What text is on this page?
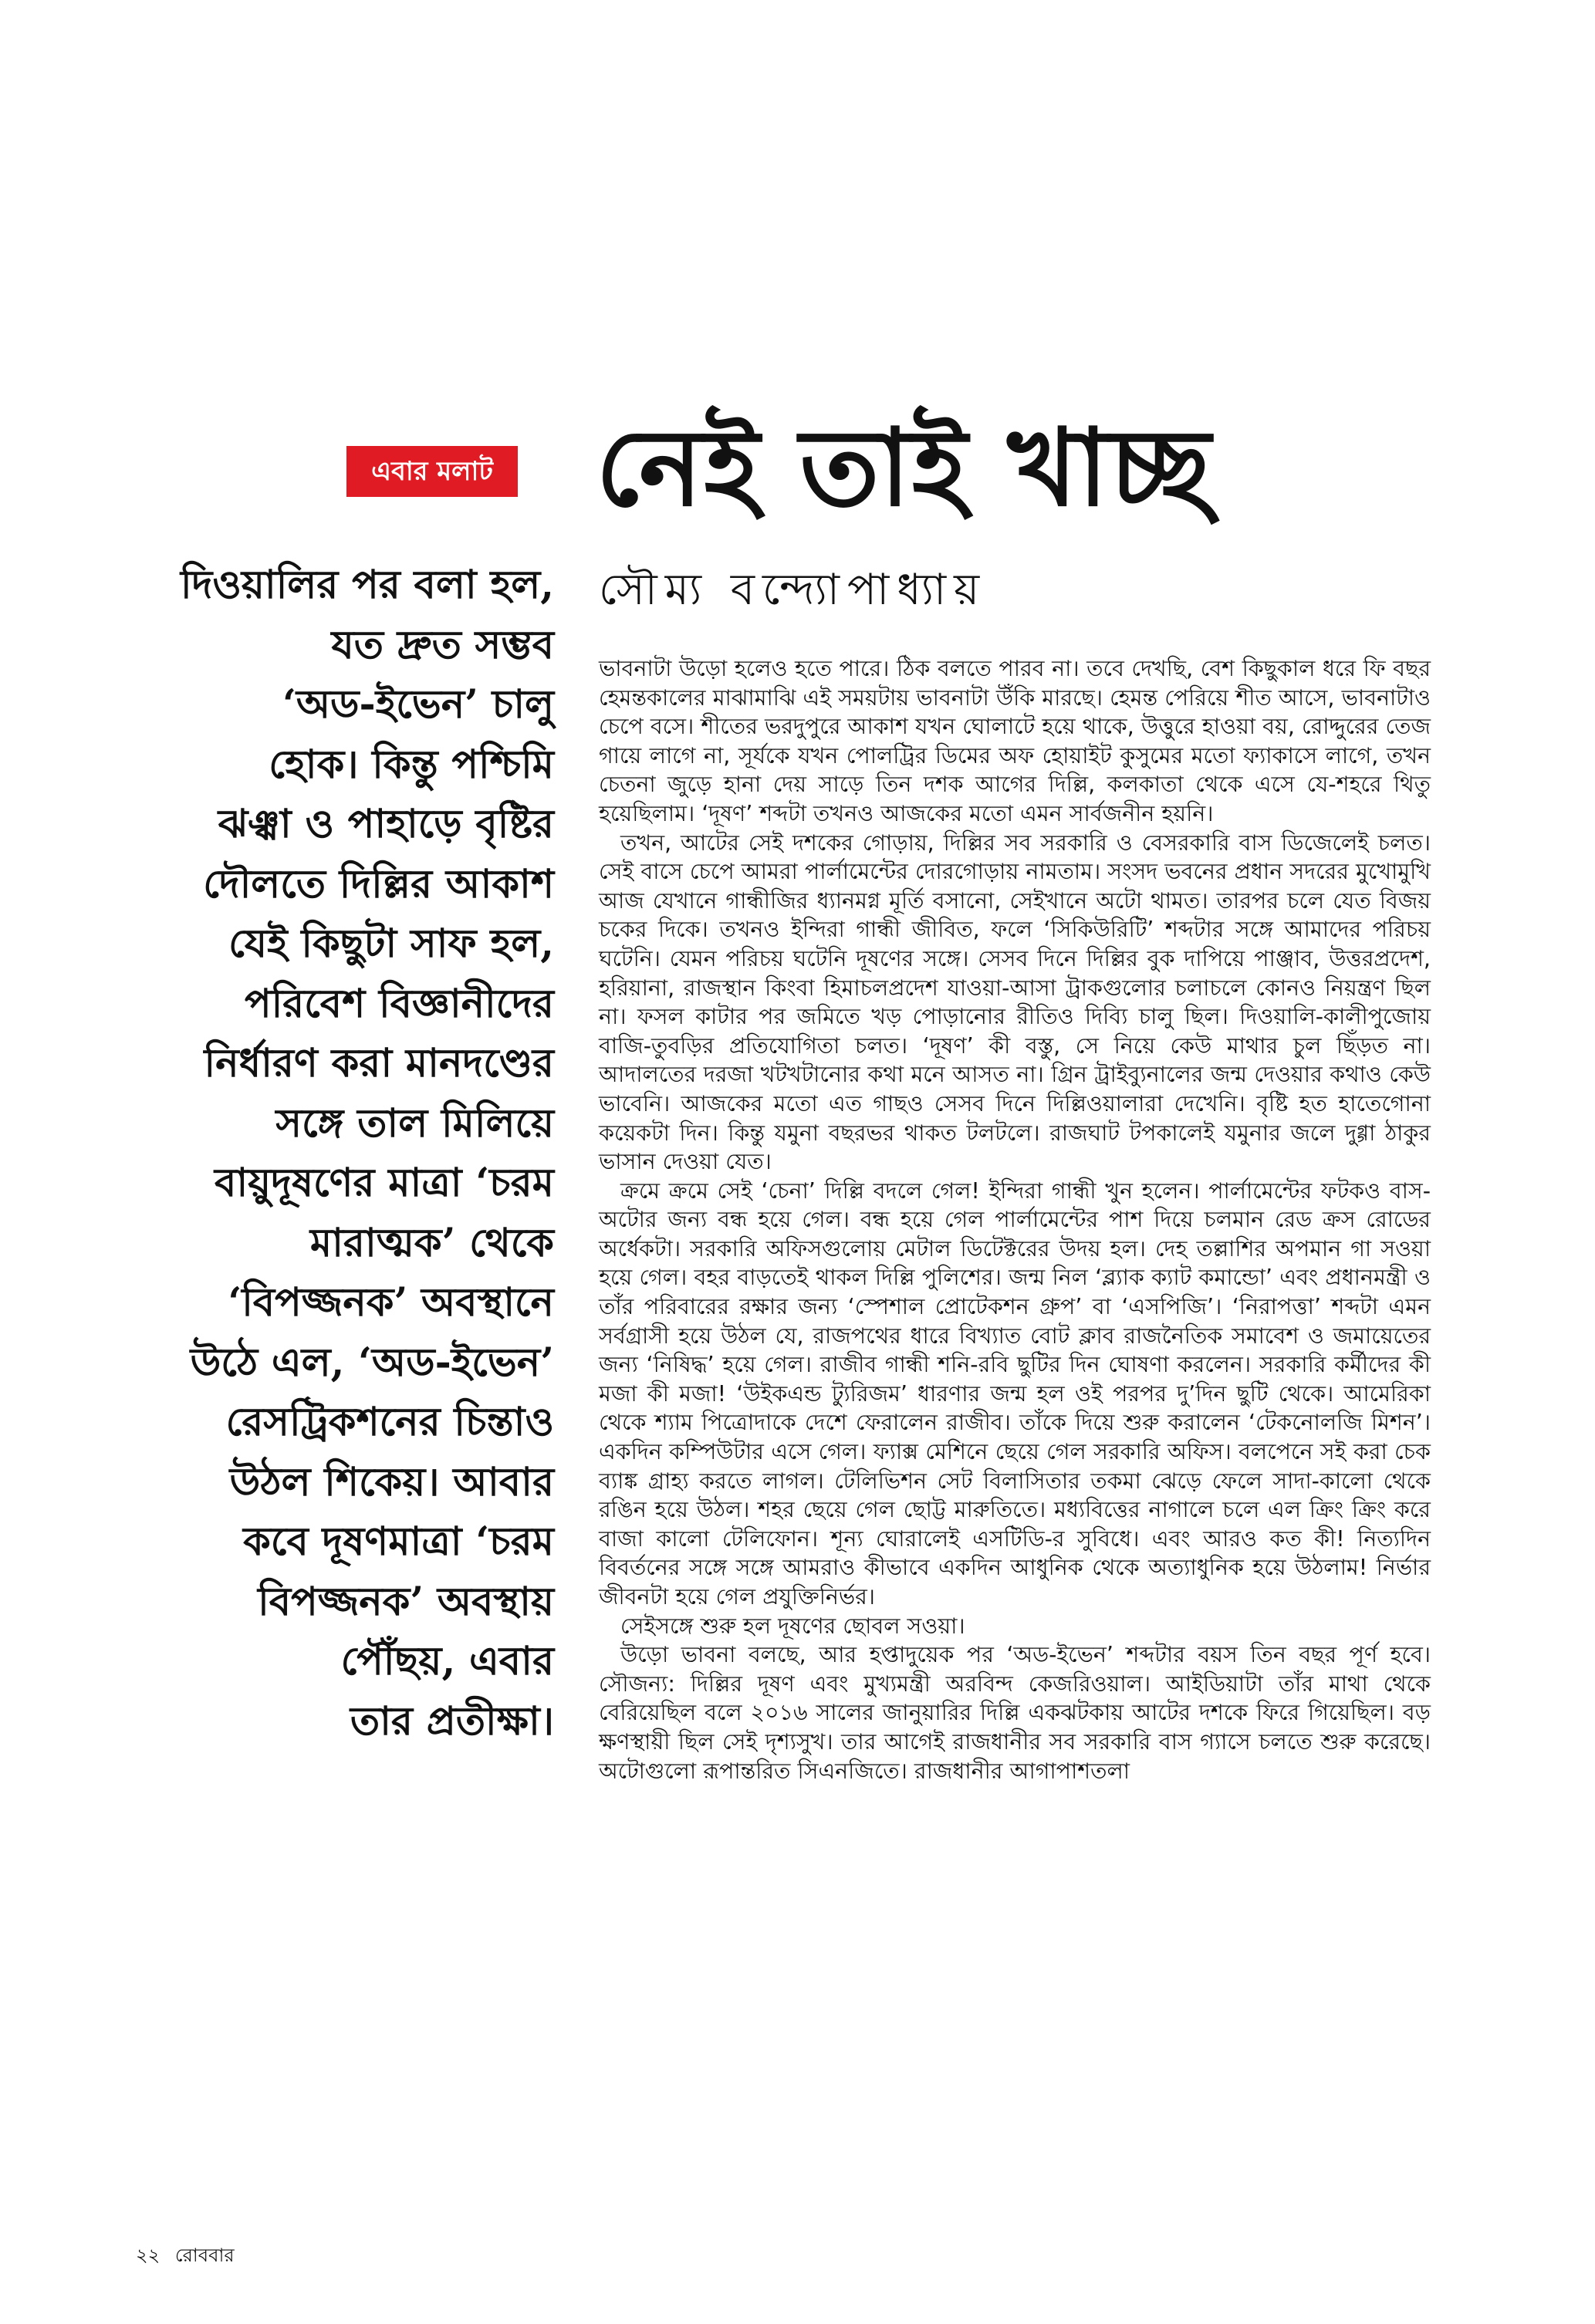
এবার মলাট নেই তাই খাচ্ছ
সৌম্য বন্দ্যোপাধ্যায়
দিওয়ালির পর বলা হল,
যত দ্রুত সম্ভব
‘অড-ইভেন’ চালু
হোক। কিন্তু পশ্চিমি
ঝঞ্ঝা ও পাহাড়ে বৃষ্টির
দৌলতে দিল্লির আকাশ
যেই কিছুটা সাফ হল,
পরিবেশ বিজ্ঞানীদের
নির্ধারণ করা মানদণ্ডের
সঙ্গে তাল মিলিয়ে
বায়ুদূষণের মাত্রা ‘চরম
মারাত্মক’ থেকে
‘বিপজ্জনক’ অবস্থানে
উঠে এল, ‘অড-ইভেন’
রেসট্রিকশনের চিন্তাও
উঠল শিকেয়। আবার
কবে দূষণমাত্রা ‘চরম
বিপজ্জনক’ অবস্থায়
পৌঁছয়, এবার
তার প্রতীক্ষা।

ভাবনাটা উড়ো হলেও হতে পারে। ঠিক বলতে পারব না। তবে দেখছি, বেশ কিছুকাল ধরে ফি বছর হেমন্তকালের মাঝামাঝি এই সময়টায় ভাবনাটা উঁকি মারছে। হেমন্ত পেরিয়ে শীত আসে, ভাবনাটাও চেপে বসে। শীতের ভরদুপুরে আকাশ যখন ঘোলাটে হয়ে থাকে, উত্তুরে হাওয়া বয়, রোদ্দুরের তেজ গায়ে লাগে না, সূর্যকে যখন পোলট্রির ডিমের অফ হোয়াইট কুসুমের মতো ফ্যাকাসে লাগে, তখন চেতনা জুড়ে হানা দেয় সাড়ে তিন দশক আগের দিল্লি, কলকাতা থেকে এসে যে-শহরে থিতু হয়েছিলাম। ‘দূষণ’ শব্দটা তখনও আজকের মতো এমন সার্বজনীন হয়নি।

তখন, আটের সেই দশকের গোড়ায়, দিল্লির সব সরকারি ও বেসরকারি বাস ডিজেলেই চলত। সেই বাসে চেপে আমরা পার্লামেন্টের দোরগোড়ায় নামতাম। সংসদ ভবনের প্রধান সদরের মুখোমুখি আজ যেখানে গান্ধীজির ধ্যানমগ্ন মূর্তি বসানো, সেইখানে অটো থামত। তারপর চলে যেত বিজয় চকের দিকে। তখনও ইন্দিরা গান্ধী জীবিত, ফলে ‘সিকিউরিটি’ শব্দটার সঙ্গে আমাদের পরিচয় ঘটেনি। যেমন পরিচয় ঘটেনি দূষণের সঙ্গে। সেসব দিনে দিল্লির বুক দাপিয়ে পাঞ্জাব, উত্তরপ্রদেশ, হরিয়ানা, রাজস্থান কিংবা হিমাচলপ্রদেশ যাওয়া-আসা ট্রাকগুলোর চলাচলে কোনও নিয়ন্ত্রণ ছিল না। ফসল কাটার পর জমিতে খড় পোড়ানোর রীতিও দিব্যি চালু ছিল। দিওয়ালি-কালীপুজোয় বাজি-তুবড়ির প্রতিযোগিতা চলত। ‘দূষণ’ কী বস্তু, সে নিয়ে কেউ মাথার চুল ছিঁড়ত না। আদালতের দরজা খটখটানোর কথা মনে আসত না। গ্রিন ট্রাইব্যুনালের জন্ম দেওয়ার কথাও কেউ ভাবেনি। আজকের মতো এত গাছও সেসব দিনে দিল্লিওয়ালারা দেখেনি। বৃষ্টি হত হাতেগোনা কয়েকটা দিন। কিন্তু যমুনা বছরভর থাকত টলটলে। রাজঘাট টপকালেই যমুনার জলে দুগ্গা ঠাকুর ভাসান দেওয়া যেত।

ক্রমে ক্রমে সেই ‘চেনা’ দিল্লি বদলে গেল! ইন্দিরা গান্ধী খুন হলেন। পার্লামেন্টের ফটকও বাস-অটোর জন্য বন্ধ হয়ে গেল। বন্ধ হয়ে গেল পার্লামেন্টের পাশ দিয়ে চলমান রেড ক্রস রোডের অর্ধেকটা। সরকারি অফিসগুলোয় মেটাল ডিটেক্টরের উদয় হল। দেহ তল্লাশির অপমান গা সওয়া হয়ে গেল। বহর বাড়তেই থাকল দিল্লি পুলিশের। জন্ম নিল ‘ব্ল্যাক ক্যাট কমান্ডো’ এবং প্রধানমন্ত্রী ও তাঁর পরিবারের রক্ষার জন্য ‘স্পেশাল প্রোটেকশন গ্রুপ’ বা ‘এসপিজি’। ‘নিরাপত্তা’ শব্দটা এমন সর্বগ্রাসী হয়ে উঠল যে, রাজপথের ধারে বিখ্যাত বোট ক্লাব রাজনৈতিক সমাবেশ ও জমায়েতের জন্য ‘নিষিদ্ধ’ হয়ে গেল। রাজীব গান্ধী শনি-রবি ছুটির দিন ঘোষণা করলেন। সরকারি কর্মীদের কী মজা কী মজা! ‘উইকএন্ড ট্যুরিজম’ ধারণার জন্ম হল ওই পরপর দু’দিন ছুটি থেকে। আমেরিকা থেকে শ্যাম পিত্রোদাকে দেশে ফেরালেন রাজীব। তাঁকে দিয়ে শুরু করালেন ‘টেকনোলজি মিশন’। একদিন কম্পিউটার এসে গেল। ফ্যাক্স মেশিনে ছেয়ে গেল সরকারি অফিস। বলপেনে সই করা চেক ব্যাঙ্ক গ্রাহ্য করতে লাগল। টেলিভিশন সেট বিলাসিতার তকমা ঝেড়ে ফেলে সাদা-কালো থেকে রঙিন হয়ে উঠল। শহর ছেয়ে গেল ছোট্ট মারুতিতে। মধ্যবিত্তের নাগালে চলে এল ক্রিং ক্রিং করে বাজা কালো টেলিফোন। শূন্য ঘোরালেই এসটিডি-র সুবিধে। এবং আরও কত কী! নিত্যদিন বিবর্তনের সঙ্গে সঙ্গে আমরাও কীভাবে একদিন আধুনিক থেকে অত্যাধুনিক হয়ে উঠলাম! নির্ভার জীবনটা হয়ে গেল প্রযুক্তিনির্ভর।

সেইসঙ্গে শুরু হল দূষণের ছোবল সওয়া।

উড়ো ভাবনা বলছে, আর হপ্তাদুয়েক পর ‘অড-ইভেন’ শব্দটার বয়স তিন বছর পূর্ণ হবে। সৌজন্য: দিল্লির দূষণ এবং মুখ্যমন্ত্রী অরবিন্দ কেজরিওয়াল। আইডিয়াটা তাঁর মাথা থেকে বেরিয়েছিল বলে ২০১৬ সালের জানুয়ারির দিল্লি একঝটকায় আটের দশকে ফিরে গিয়েছিল। বড় ক্ষণস্থায়ী ছিল সেই দৃশ্যসুখ। তার আগেই রাজধানীর সব সরকারি বাস গ্যাসে চলতে শুরু করেছে। অটোগুলো রূপান্তরিত সিএনজিতে। রাজধানীর আগাপাশতলা

২২ রোববার
